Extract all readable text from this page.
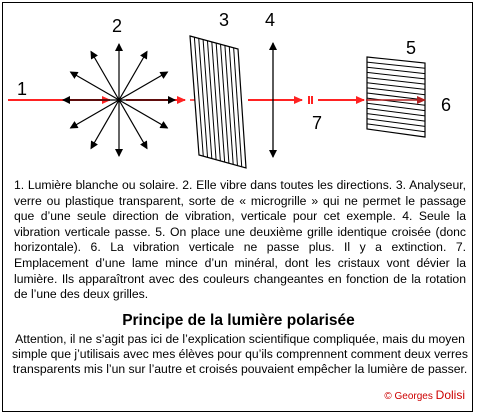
1
2	3 4
5
6
7
1. Lumière blanche ou solaire. 2. Elle vibre dans toutes les directions. 3. Analyseur, verre ou plastique transparent, sorte de « microgrille » qui ne permet le passage que d’une seule direction de vibration, verticale pour cet exemple. 4. Seule la vibration verticale passe. 5. On place une deuxième grille identique croisée (donc horizontale). 6. La vibration verticale ne passe plus. Il y a extinction. 7. Emplacement d’une lame mince d’un minéral, dont les cristaux vont dévier la lumière. Ils apparaîtront avec des couleurs changeantes en fonction de la rotation de l’une des deux grilles.
Principe de la lumière polarisée
Attention, il ne s’agit pas ici de l’explication scientifique compliquée, mais du moyen simple que j’utilisais avec mes élèves pour qu’ils comprennent comment deux verres transparents mis l’un sur l’autre et croisés pouvaient empêcher la lumière de passer.
© Georges Dolisi
